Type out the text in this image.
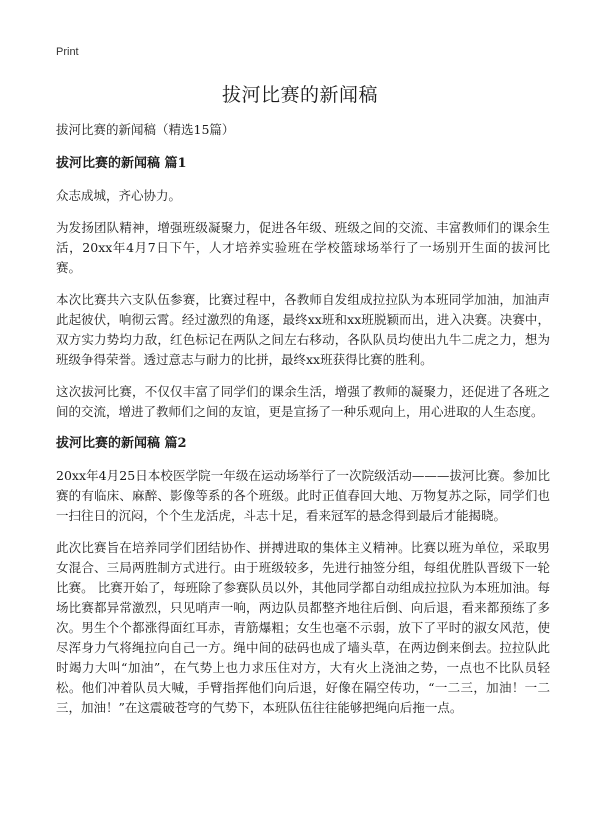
Print
拔河比赛的新闻稿

拔河比赛的新闻稿（精选15篇）

拔河比赛的新闻稿 篇1

众志成城，齐心协力。

为发扬团队精神，增强班级凝聚力，促进各年级、班级之间的交流、丰富教师们的课余生活，20xx年4月7日下午，人才培养实验班在学校篮球场举行了一场别开生面的拔河比赛。

本次比赛共六支队伍参赛，比赛过程中，各教师自发组成拉拉队为本班同学加油，加油声此起彼伏，响彻云霄。经过激烈的角逐，最终xx班和xx班脱颖而出，进入决赛。决赛中，双方实力势均力敌，红色标记在两队之间左右移动，各队队员均使出九牛二虎之力，想为班级争得荣誉。透过意志与耐力的比拼，最终xx班获得比赛的胜利。

这次拔河比赛，不仅仅丰富了同学们的课余生活，增强了教师的凝聚力，还促进了各班之间的交流，增进了教师们之间的友谊，更是宣扬了一种乐观向上，用心进取的人生态度。

拔河比赛的新闻稿 篇2

20xx年4月25日本校医学院一年级在运动场举行了一次院级活动———拔河比赛。参加比赛的有临床、麻醉、影像等系的各个班级。此时正值春回大地、万物复苏之际，同学们也一扫往日的沉闷，个个生龙活虎，斗志十足，看来冠军的悬念得到最后才能揭晓。

此次比赛旨在培养同学们团结协作、拼搏进取的集体主义精神。比赛以班为单位，采取男女混合、三局两胜制方式进行。由于班级较多，先进行抽签分组，每组优胜队晋级下一轮比赛。 比赛开始了，每班除了参赛队员以外，其他同学都自动组成拉拉队为本班加油。每场比赛都异常激烈，只见哨声一响，两边队员都整齐地往后倒、向后退，看来都预练了多次。男生个个都涨得面红耳赤，青筋爆粗；女生也毫不示弱，放下了平时的淑女风范，使尽浑身力气将绳拉向自己一方。绳中间的砝码也成了墙头草，在两边倒来倒去。拉拉队此时竭力大叫“加油”，在气势上也力求压住对方，大有火上浇油之势，一点也不比队员轻松。他们冲着队员大喊，手臂指挥他们向后退，好像在隔空传功，“一二三，加油！一二三，加油！”在这震破苍穹的气势下，本班队伍往往能够把绳向后拖一点。
